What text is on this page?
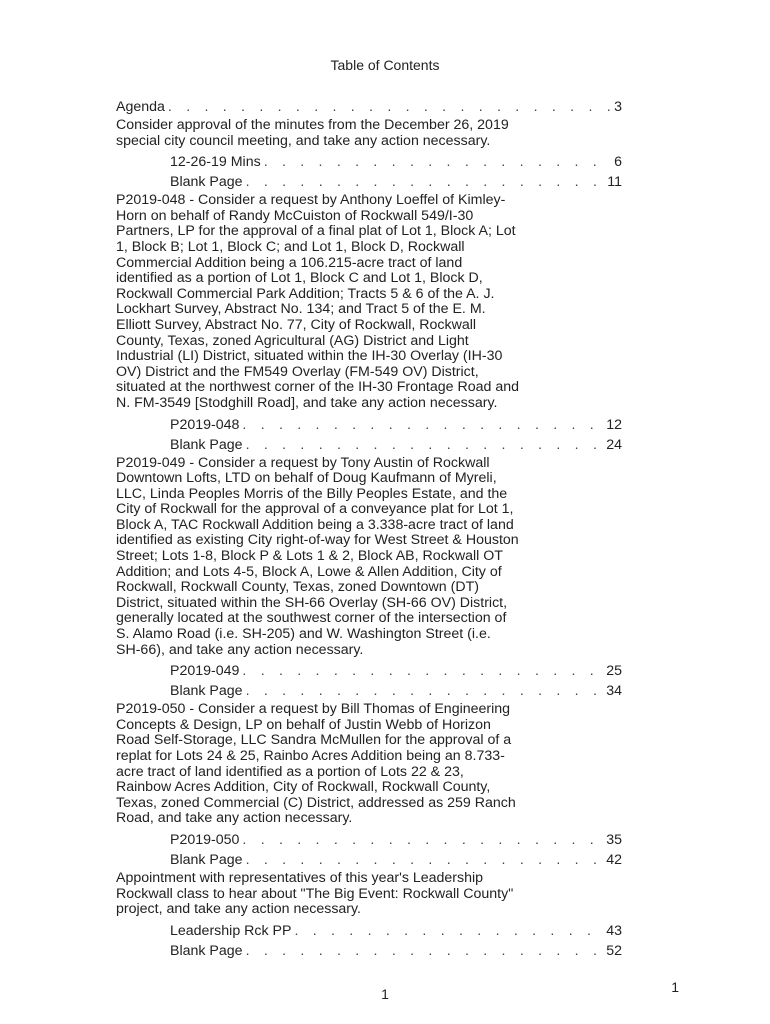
Table of Contents
Agenda . . .	3
Consider approval of the minutes from the December 26, 2019
special city council meeting, and take any action necessary.
12-26-19 Mins . . .	6
Blank Page . . .	11
P2019-048 - Consider a request by Anthony Loeffel of Kimley-
Horn on behalf of Randy McCuiston of Rockwall 549/I-30
Partners, LP for the approval of a final plat of Lot 1, Block A; Lot
1, Block B; Lot 1, Block C; and Lot 1, Block D, Rockwall
Commercial Addition being a 106.215-acre tract of land
identified as a portion of Lot 1, Block C and Lot 1, Block D,
Rockwall Commercial Park Addition; Tracts 5 & 6 of the A. J.
Lockhart Survey, Abstract No. 134; and Tract 5 of the E. M.
Elliott Survey, Abstract No. 77, City of Rockwall, Rockwall
County, Texas, zoned Agricultural (AG) District and Light
Industrial (LI) District, situated within the IH-30 Overlay (IH-30
OV) District and the FM549 Overlay (FM-549 OV) District,
situated at the northwest corner of the IH-30 Frontage Road and
N. FM-3549 [Stodghill Road], and take any action necessary.
P2019-048 . . .	12
Blank Page . . .	24
P2019-049 - Consider a request by Tony Austin of Rockwall
Downtown Lofts, LTD on behalf of Doug Kaufmann of Myreli,
LLC, Linda Peoples Morris of the Billy Peoples Estate, and the
City of Rockwall for the approval of a conveyance plat for Lot 1,
Block A, TAC Rockwall Addition being a 3.338-acre tract of land
identified as existing City right-of-way for West Street & Houston
Street; Lots 1-8, Block P & Lots 1 & 2, Block AB, Rockwall OT
Addition; and Lots 4-5, Block A, Lowe & Allen Addition, City of
Rockwall, Rockwall County, Texas, zoned Downtown (DT)
District, situated within the SH-66 Overlay (SH-66 OV) District,
generally located at the southwest corner of the intersection of
S. Alamo Road (i.e. SH-205) and W. Washington Street (i.e.
SH-66), and take any action necessary.
P2019-049 . . .	25
Blank Page . . .	34
P2019-050 - Consider a request by Bill Thomas of Engineering
Concepts & Design, LP on behalf of Justin Webb of Horizon
Road Self-Storage, LLC Sandra McMullen for the approval of a
replat for Lots 24 & 25, Rainbo Acres Addition being an 8.733-
acre tract of land identified as a portion of Lots 22 & 23,
Rainbow Acres Addition, City of Rockwall, Rockwall County,
Texas, zoned Commercial (C) District, addressed as 259 Ranch
Road, and take any action necessary.
P2019-050 . . .	35
Blank Page . . .	42
Appointment with representatives of this year's Leadership
Rockwall class to hear about "The Big Event: Rockwall County"
project, and take any action necessary.
Leadership Rck PP . . .	43
Blank Page . . .	52
1	1
